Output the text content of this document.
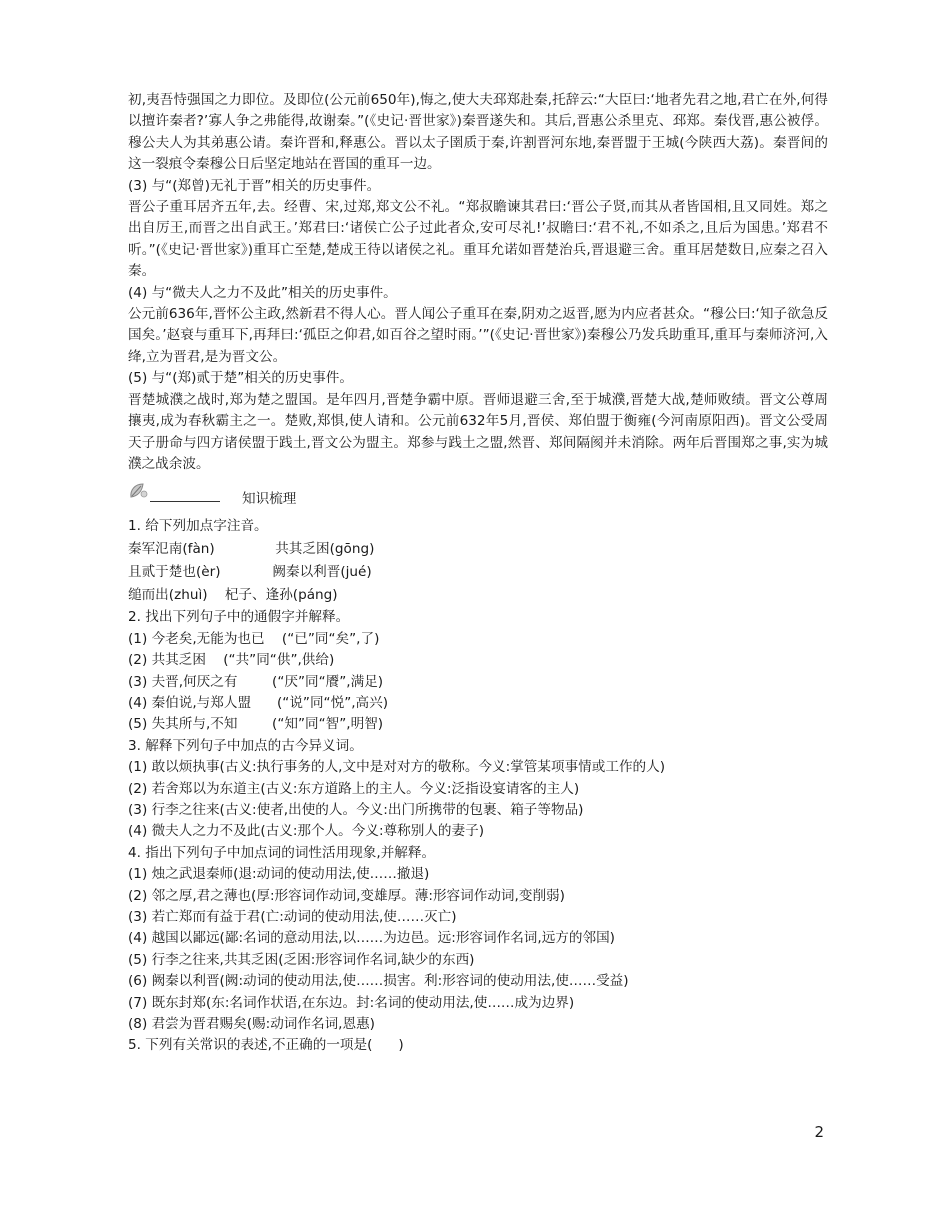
初,夷吾恃强国之力即位。及即位(公元前650年),悔之,使大夫邳郑赴秦,托辞云:“大臣曰:‘地者先君之地,君亡在外,何得以擅许秦者?’寡人争之弗能得,故谢秦。”(《史记·晋世家》)秦晋遂失和。其后,晋惠公杀里克、邳郑。秦伐晋,惠公被俘。穆公夫人为其弟惠公请。秦许晋和,释惠公。晋以太子圉质于秦,许割晋河东地,秦晋盟于王城(今陕西大荔)。秦晋间的这一裂痕令秦穆公日后坚定地站在晋国的重耳一边。

(3) 与“(郑曾)无礼于晋”相关的历史事件。

晋公子重耳居齐五年,去。经曹、宋,过郑,郑文公不礼。“郑叔瞻谏其君曰:‘晋公子贤,而其从者皆国相,且又同姓。郑之出自厉王,而晋之出自武王。’郑君曰:‘诸侯亡公子过此者众,安可尽礼!’叔瞻曰:‘君不礼,不如杀之,且后为国患。’郑君不听。”(《史记·晋世家》)重耳亡至楚,楚成王待以诸侯之礼。重耳允诺如晋楚治兵,晋退避三舍。重耳居楚数日,应秦之召入秦。

(4) 与“微夫人之力不及此”相关的历史事件。

公元前636年,晋怀公主政,然新君不得人心。晋人闻公子重耳在秦,阴劝之返晋,愿为内应者甚众。“穆公曰:‘知子欲急反国矣。’赵衰与重耳下,再拜曰:‘孤臣之仰君,如百谷之望时雨。’”(《史记·晋世家》)秦穆公乃发兵助重耳,重耳与秦师济河,入绛,立为晋君,是为晋文公。

(5) 与“(郑)贰于楚”相关的历史事件。

晋楚城濮之战时,郑为楚之盟国。是年四月,晋楚争霸中原。晋师退避三舍,至于城濮,晋楚大战,楚师败绩。晋文公尊周攘夷,成为春秋霸主之一。楚败,郑惧,使人请和。公元前632年5月,晋侯、郑伯盟于衡雍(今河南原阳西)。晋文公受周天子册命与四方诸侯盟于践土,晋文公为盟主。郑参与践土之盟,然晋、郑间隔阂并未消除。两年后晋围郑之事,实为城濮之战余波。

知识梳理

1. 给下列加点字注音。

秦军氾南(fàn)              共其乏困(gōng)

且贰于楚也(èr)            阙秦以利晋(jué)

缒而出(zhuì)    杞子、逢孙(páng)

2. 找出下列句子中的通假字并解释。

(1) 今老矣,无能为也已    (“已”同“矣”,了)

(2) 共其乏困    (“共”同“供”,供给)

(3) 夫晋,何厌之有        (“厌”同“餍”,满足)

(4) 秦伯说,与郑人盟      (“说”同“悦”,高兴)

(5) 失其所与,不知        (“知”同“智”,明智)

3. 解释下列句子中加点的古今异义词。

(1) 敢以烦执事(古义:执行事务的人,文中是对对方的敬称。今义:掌管某项事情或工作的人)

(2) 若舍郑以为东道主(古义:东方道路上的主人。今义:泛指设宴请客的主人)

(3) 行李之往来(古义:使者,出使的人。今义:出门所携带的包裹、箱子等物品)

(4) 微夫人之力不及此(古义:那个人。今义:尊称别人的妻子)

4. 指出下列句子中加点词的词性活用现象,并解释。

(1) 烛之武退秦师(退:动词的使动用法,使……撤退)

(2) 邻之厚,君之薄也(厚:形容词作动词,变雄厚。薄:形容词作动词,变削弱)

(3) 若亡郑而有益于君(亡:动词的使动用法,使……灭亡)

(4) 越国以鄙远(鄙:名词的意动用法,以……为边邑。远:形容词作名词,远方的邻国)

(5) 行李之往来,共其乏困(乏困:形容词作名词,缺少的东西)

(6) 阙秦以利晋(阙:动词的使动用法,使……损害。利:形容词的使动用法,使……受益)

(7) 既东封郑(东:名词作状语,在东边。封:名词的使动用法,使……成为边界)

(8) 君尝为晋君赐矣(赐:动词作名词,恩惠)

5. 下列有关常识的表述,不正确的一项是(      )

2
